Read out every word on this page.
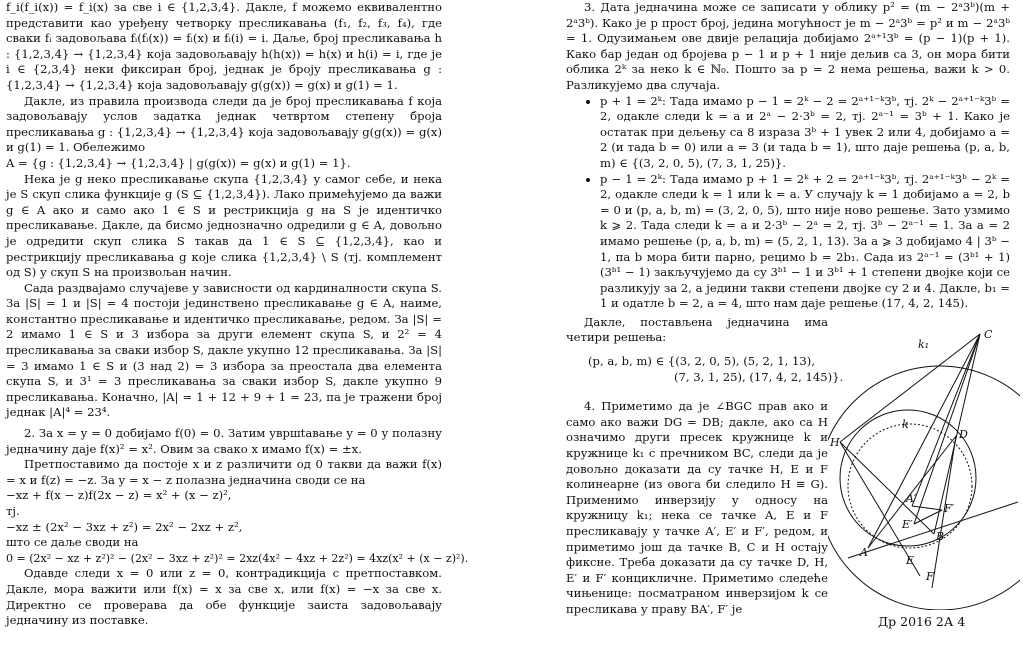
f_i(f_i(x)) = f_i(x) за све i ∈ {1,2,3,4}. Дакле, f можемо еквивалентно представити као уређену четворку пресликавања (f₁, f₂, f₃, f₄), где сваки fᵢ задовољава fᵢ(fᵢ(x)) = fᵢ(x) и fᵢ(i) = i. Даље, број пресликавања h : {1,2,3,4} → {1,2,3,4} која задовољавају h(h(x)) = h(x) и h(i) = i, где је i ∈ {2,3,4} неки фиксиран број, једнак је броју пресликавања g : {1,2,3,4} → {1,2,3,4} која задовољавају g(g(x)) = g(x) и g(1) = 1.

Дакле, из правила производа следи да је број пресликавања f која задовољавају услов задатка једнак четвртом степену броја пресликавања g : {1,2,3,4} → {1,2,3,4} која задовољавају g(g(x)) = g(x) и g(1) = 1. Обележимо

A = {g : {1,2,3,4} → {1,2,3,4} | g(g(x)) = g(x) и g(1) = 1}.

Нека је g неко пресликавање скупа {1,2,3,4} у самог себе, и нека је S скуп слика функције g (S ⊆ {1,2,3,4}). Лако примећујемо да важи g ∈ A ако и само ако 1 ∈ S и рестрикција g на S је идентичко пресликавање. Дакле, да бисмо једнозначно одредили g ∈ A, довољно је одредити скуп слика S такав да 1 ∈ S ⊆ {1,2,3,4}, као и рестрикцију пресликавања g које слика {1,2,3,4} \ S (тј. комплемент од S) у скуп S на произвољан начин.

Сада раздвајамо случајеве у зависности од кардиналности скупа S. За |S| = 1 и |S| = 4 постоји јединствено пресликавање g ∈ A, наиме, константно пресликавање и идентичко пресликавање, редом. За |S| = 2 имамо 1 ∈ S и 3 избора за други елемент скупа S, и 2² = 4 пресликавања за сваки избор S, дакле укупно 12 пресликавања. За |S| = 3 имамо 1 ∈ S и (3 над 2) = 3 избора за преостала два елемента скупа S, и 3¹ = 3 пресликавања за сваки избор S, дакле укупно 9 пресликавања. Коначно, |A| = 1 + 12 + 9 + 1 = 23, па је тражени број једнак |A|⁴ = 23⁴.

2. За x = y = 0 добијамо f(0) = 0. Затим увршtавање y = 0 у полазну једначину даје f(x)² = x². Овим за свако x имамо f(x) = ±x.

Претпоставимо да постоје x и z различити од 0 такви да важи f(x) = x и f(z) = −z. За y = x − z полазна једначина своди се на

−xz + f(x − z)f(2x − z) = x² + (x − z)²,

тј.

−xz ± (2x² − 3xz + z²) = 2x² − 2xz + z²,

што се даље своди на

0 = (2x² − xz + z²)² − (2x² − 3xz + z²)² = 2xz(4x² − 4xz + 2z²) = 4xz(x² + (x − z)²).

Одавде следи x = 0 или z = 0, контрадикција с претпоставком. Дакле, мора важити или f(x) = x за све x, или f(x) = −x за све x. Директно се проверава да обе функције заиста задовољавају једначину из поставке.

3. Дата једначина може се записати у облику p² = (m − 2ᵃ3ᵇ)(m + 2ᵃ3ᵇ). Како је p прост број, једина могућност је m − 2ᵃ3ᵇ = p² и m − 2ᵃ3ᵇ = 1. Одузимањем ове двије релација добијамо 2ᵃ⁺¹3ᵇ = (p − 1)(p + 1). Како бар један од бројева p − 1 и p + 1 није дељив са 3, он мора бити облика 2ᵏ за неко k ∈ ℕ₀. Пошто за p = 2 нема решења, важи k > 0. Разликујемо два случаја.

• p + 1 = 2ᵏ: Тада имамо p − 1 = 2ᵏ − 2 = 2ᵃ⁺¹⁻ᵏ3ᵇ, тј. 2ᵏ − 2ᵃ⁺¹⁻ᵏ3ᵇ = 2, одакле следи k = a и 2ᵃ − 2·3ᵇ = 2, тј. 2ᵃ⁻¹ = 3ᵇ + 1. Како је остатак при дељењу са 8 израза 3ᵇ + 1 увек 2 или 4, добијамо a = 2 (и тада b = 0) или a = 3 (и тада b = 1), што даје решења (p, a, b, m) ∈ {(3, 2, 0, 5), (7, 3, 1, 25)}.
• p − 1 = 2ᵏ: Тада имамо p + 1 = 2ᵏ + 2 = 2ᵃ⁺¹⁻ᵏ3ᵇ, тј. 2ᵃ⁺¹⁻ᵏ3ᵇ − 2ᵏ = 2, одакле следи k = 1 или k = a. У случају k = 1 добијамо a = 2, b = 0 и (p, a, b, m) = (3, 2, 0, 5), што није ново решење. Зато узмимо k ⩾ 2. Тада следи k = a и 2·3ᵇ − 2ᵃ = 2, тј. 3ᵇ − 2ᵃ⁻¹ = 1. За a = 2 имамо решење (p, a, b, m) = (5, 2, 1, 13). За a ⩾ 3 добијамо 4 | 3ᵇ − 1, па b мора бити парно, рецимо b = 2b₁. Сада из 2ᵃ⁻¹ = (3ᵇ¹ + 1)(3ᵇ¹ − 1) закључујемо да су 3ᵇ¹ − 1 и 3ᵇ¹ + 1 степени двојке који се разликују за 2, а једини такви степени двојке су 2 и 4. Дакле, b₁ = 1 и одатле b = 2, a = 4, што нам даје решење (17, 4, 2, 145).

Дакле, постављена једначина има четири решења:

(p, a, b, m) ∈ {(3, 2, 0, 5), (5, 2, 1, 13),

(7, 3, 1, 25), (17, 4, 2, 145)}.

4. Приметимо да је ∠BGC прав ако и само ако важи DG = DB; дакле, ако са H означимо други пресек кружнице k и кружнице k₁ с пречником BC, следи да је довољно доказати да су тачке H, E и F колинеарне (из овога би следило H ≡ G). Применимо инверзију у односу на кружницу k₁; нека се тачке A, E и F пресликавају у тачке A′, E′ и F′, редом, и приметимо још да тачке B, C и H остају фиксне. Треба доказати да су тачке D, H, E′ и F′ концикличне. Приметимо следеће чињенице: посматраном инверзијом k се пресликава у праву BA′, F′ је

C
k₁
k
H
D
A′
F′
E′
B
A
E
F
Др 2016 2А 4
